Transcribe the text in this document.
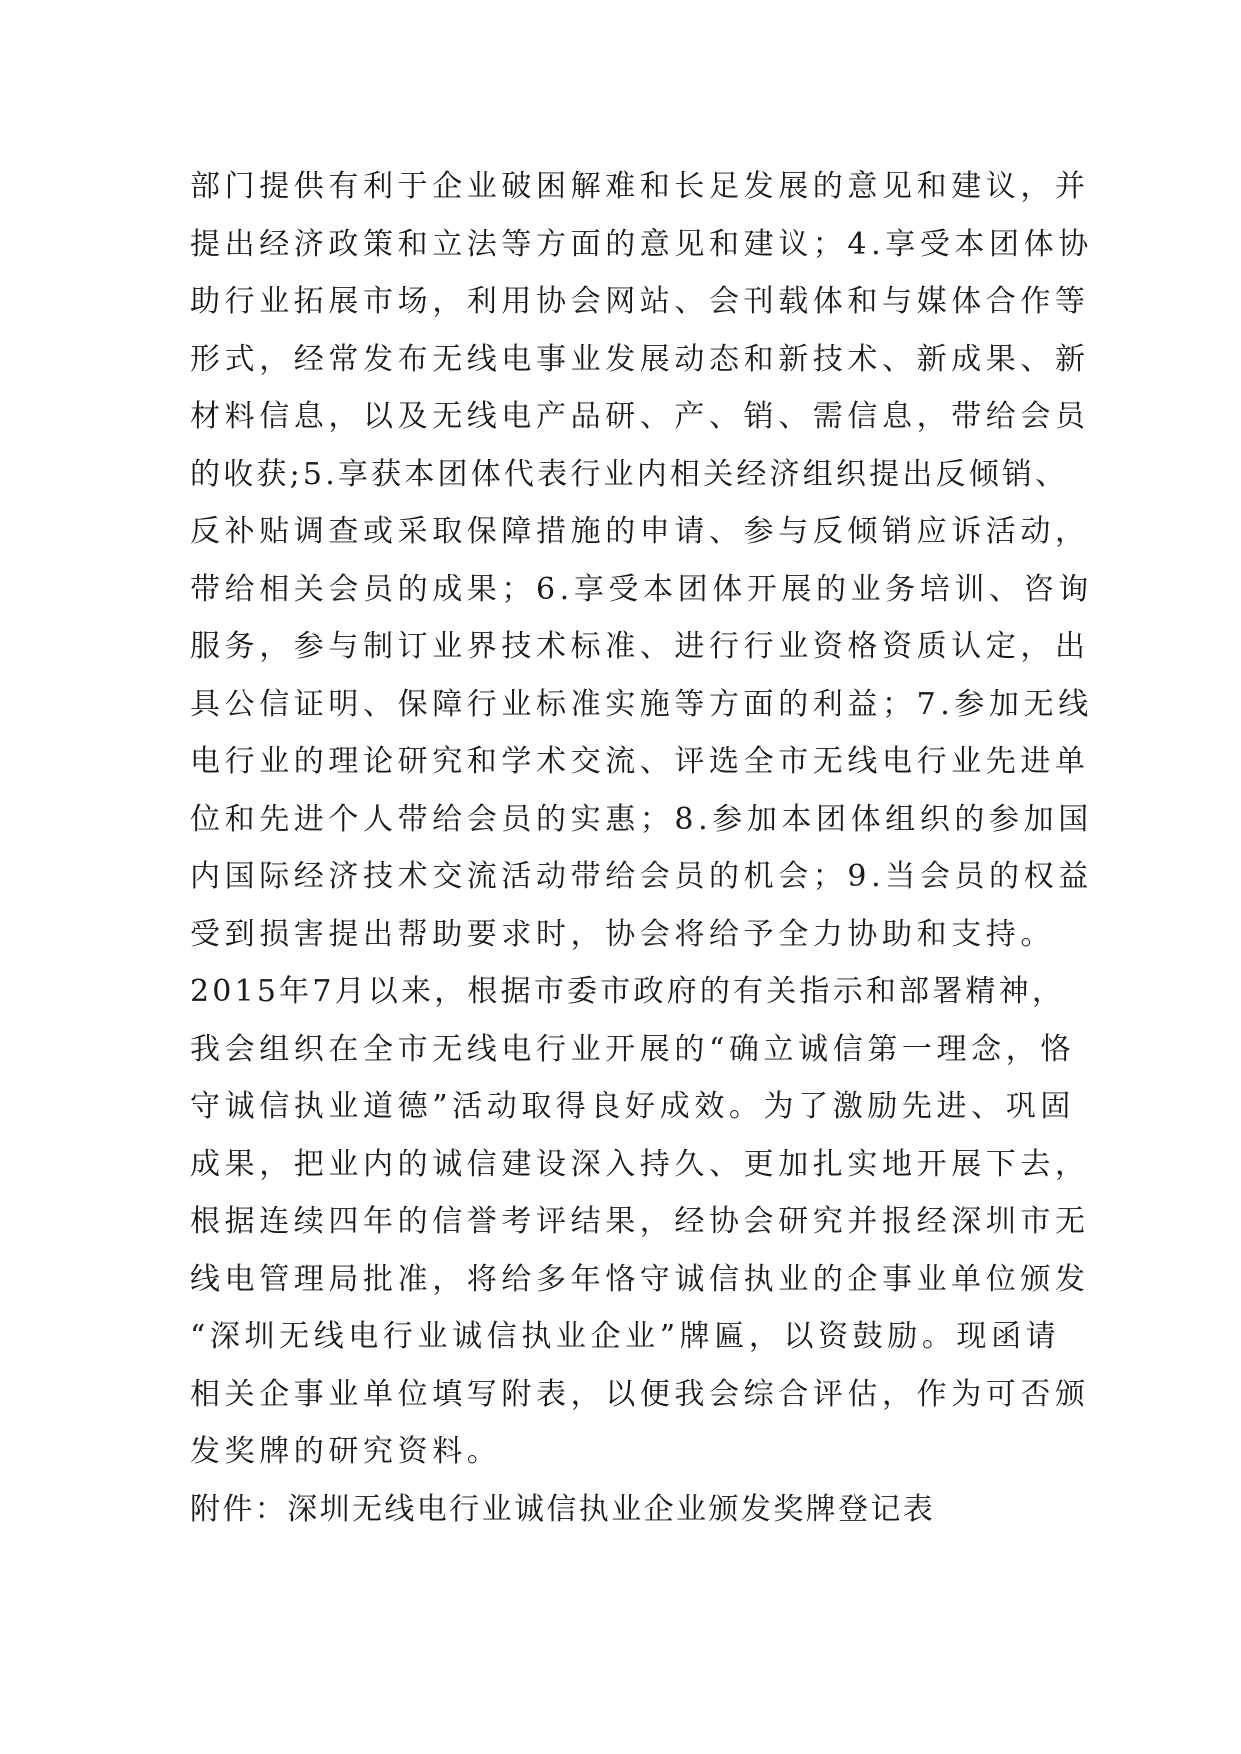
部门提供有利于企业破困解难和长足发展的意见和建议，并
提出经济政策和立法等方面的意见和建议；4.享受本团体协
助行业拓展市场，利用协会网站、会刊载体和与媒体合作等
形式，经常发布无线电事业发展动态和新技术、新成果、新
材料信息，以及无线电产品研、产、销、需信息，带给会员
的收获;5.享获本团体代表行业内相关经济组织提出反倾销、
反补贴调查或采取保障措施的申请、参与反倾销应诉活动，
带给相关会员的成果；6.享受本团体开展的业务培训、咨询
服务，参与制订业界技术标准、进行行业资格资质认定，出
具公信证明、保障行业标准实施等方面的利益；7.参加无线
电行业的理论研究和学术交流、评选全市无线电行业先进单
位和先进个人带给会员的实惠；8.参加本团体组织的参加国
内国际经济技术交流活动带给会员的机会；9.当会员的权益
受到损害提出帮助要求时，协会将给予全力协助和支持。
2015年7月以来，根据市委市政府的有关指示和部署精神，
我会组织在全市无线电行业开展的“确立诚信第一理念，恪
守诚信执业道德”活动取得良好成效。为了激励先进、巩固
成果，把业内的诚信建设深入持久、更加扎实地开展下去，
根据连续四年的信誉考评结果，经协会研究并报经深圳市无
线电管理局批准，将给多年恪守诚信执业的企事业单位颁发
“深圳无线电行业诚信执业企业”牌匾，以资鼓励。现函请
相关企事业单位填写附表，以便我会综合评估，作为可否颁
发奖牌的研究资料。
附件：深圳无线电行业诚信执业企业颁发奖牌登记表
